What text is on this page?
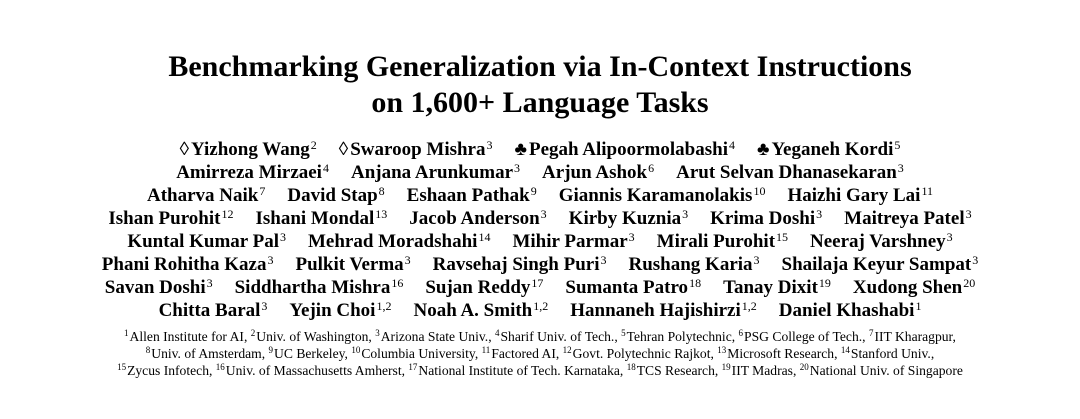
Benchmarking Generalization via In-Context Instructions
on 1,600+ Language Tasks
◊ Yizhong Wang$^2$ ◊ Swaroop Mishra$^3$ ♣ Pegah Alipoormolabashi$^4$ ♣ Yeganeh Kordi$^5$
Amirreza Mirzaei$^4$ Anjana Arunkumar$^3$ Arjun Ashok$^6$ Arut Selvan Dhanasekaran$^3$
Atharva Naik$^7$ David Stap$^8$ Eshaan Pathak$^9$ Giannis Karamanolakis$^{10}$ Haizhi Gary Lai$^{11}$
Ishan Purohit$^{12}$ Ishani Mondal$^{13}$ Jacob Anderson$^3$ Kirby Kuznia$^3$ Krima Doshi$^3$ Maitreya Patel$^3$
Kuntal Kumar Pal$^3$ Mehrad Moradshahi$^{14}$ Mihir Parmar$^3$ Mirali Purohit$^{15}$ Neeraj Varshney$^3$
Phani Rohitha Kaza$^3$ Pulkit Verma$^3$ Ravsehaj Singh Puri$^3$ Rushang Karia$^3$ Shailaja Keyur Sampat$^3$
Savan Doshi$^3$ Siddhartha Mishra$^{16}$ Sujan Reddy$^{17}$ Sumanta Patro$^{18}$ Tanay Dixit$^{19}$ Xudong Shen$^{20}$
Chitta Baral$^3$ Yejin Choi$^{1,2}$ Noah A. Smith$^{1,2}$ Hannaneh Hajishirzi$^{1,2}$ Daniel Khashabi$^1$
$^1$Allen Institute for AI, $^2$Univ. of Washington, $^3$Arizona State Univ., $^4$Sharif Univ. of Tech., $^5$Tehran Polytechnic, $^6$PSG College of Tech., $^7$IIT Kharagpur,
$^8$Univ. of Amsterdam, $^9$UC Berkeley, $^{10}$Columbia University, $^{11}$Factored AI, $^{12}$Govt. Polytechnic Rajkot, $^{13}$Microsoft Research, $^{14}$Stanford Univ.,
$^{15}$Zycus Infotech, $^{16}$Univ. of Massachusetts Amherst, $^{17}$National Institute of Tech. Karnataka, $^{18}$TCS Research, $^{19}$IIT Madras, $^{20}$National Univ. of Singapore
